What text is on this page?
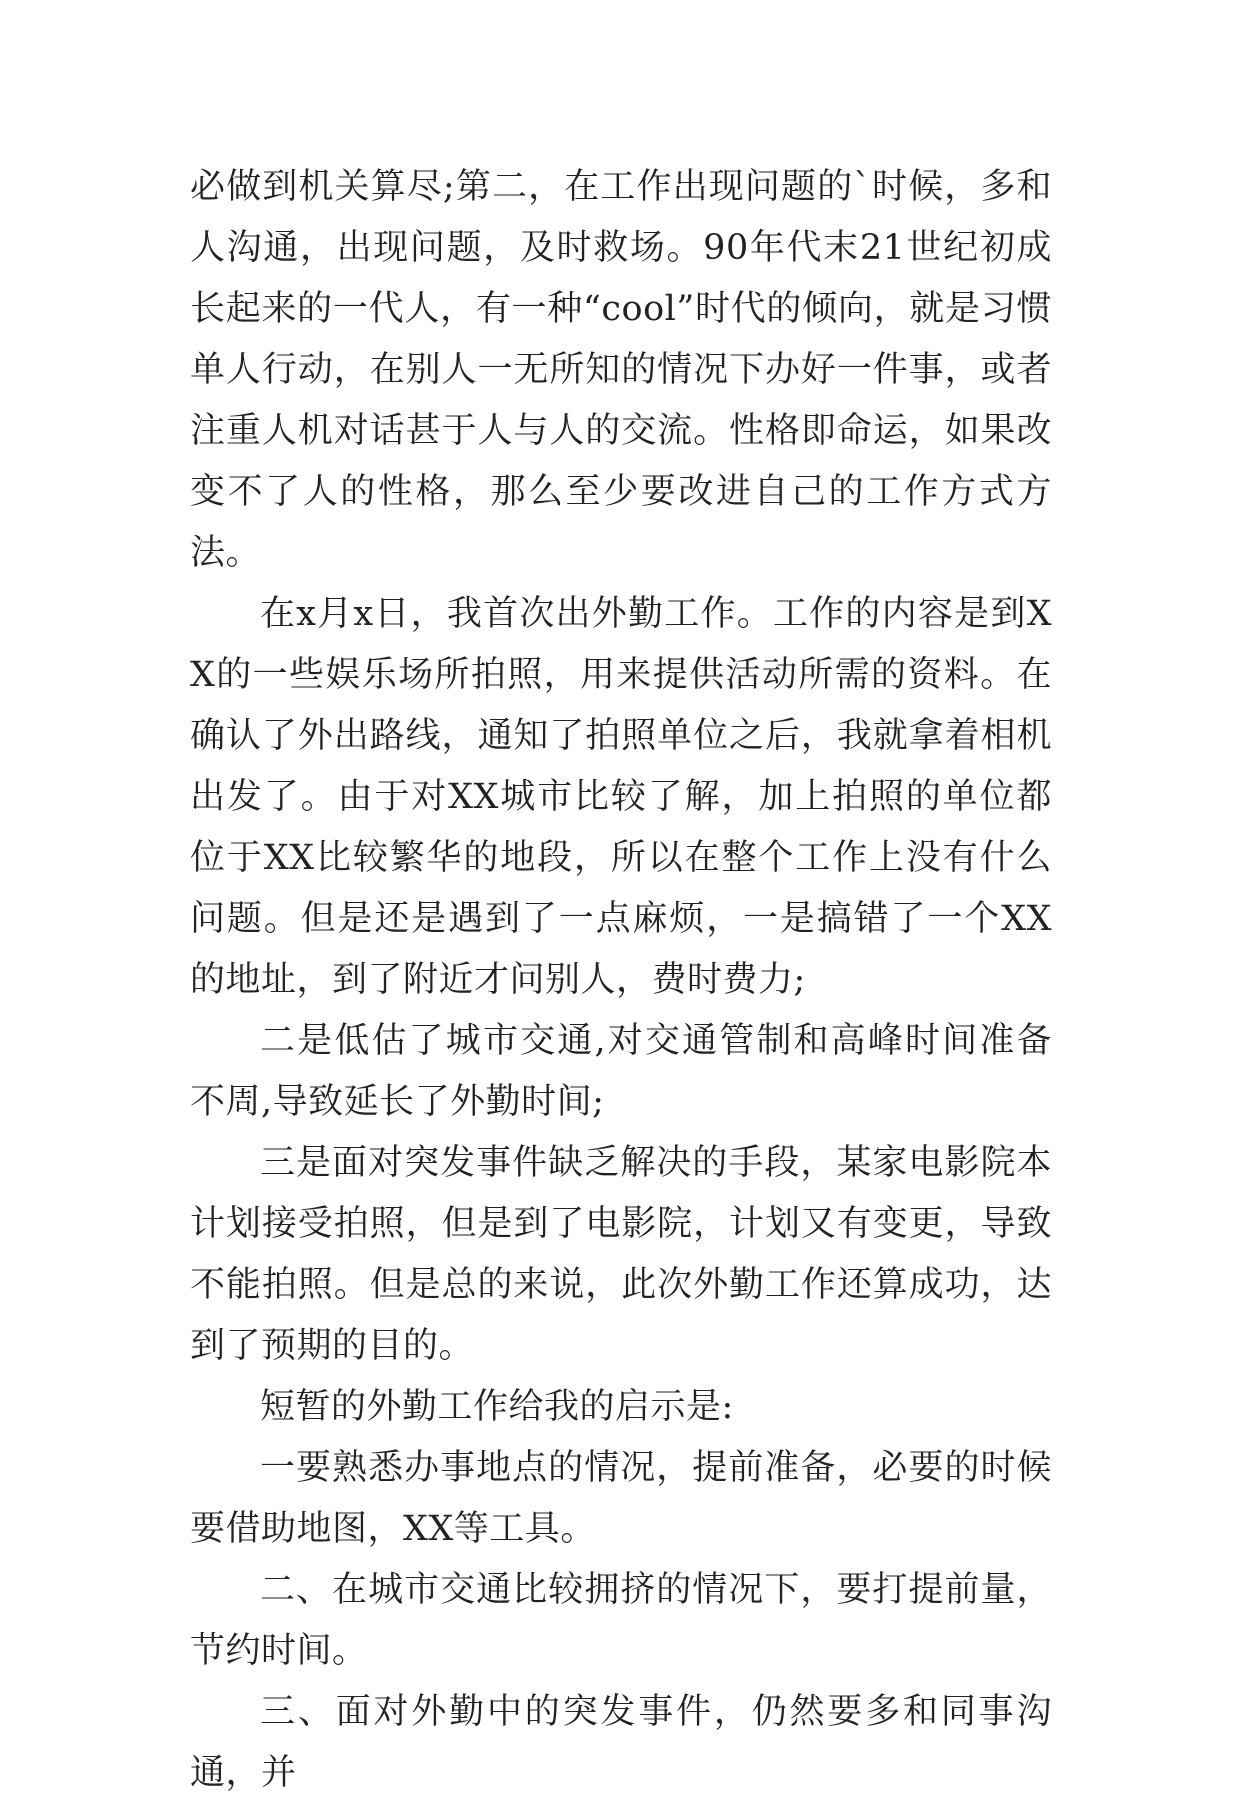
必做到机关算尽;第二，在工作出现问题的`时候，多和人沟通，出现问题，及时救场。90年代末21世纪初成长起来的一代人，有一种“cool”时代的倾向，就是习惯单人行动，在别人一无所知的情况下办好一件事，或者注重人机对话甚于人与人的交流。性格即命运，如果改变不了人的性格，那么至少要改进自己的工作方式方法。

在x月x日，我首次出外勤工作。工作的内容是到XX的一些娱乐场所拍照，用来提供活动所需的资料。在确认了外出路线，通知了拍照单位之后，我就拿着相机出发了。由于对XX城市比较了解，加上拍照的单位都位于XX比较繁华的地段，所以在整个工作上没有什么问题。但是还是遇到了一点麻烦，一是搞错了一个XX的地址，到了附近才问别人，费时费力;

二是低估了城市交通,对交通管制和高峰时间准备不周,导致延长了外勤时间;

三是面对突发事件缺乏解决的手段，某家电影院本计划接受拍照，但是到了电影院，计划又有变更，导致不能拍照。但是总的来说，此次外勤工作还算成功，达到了预期的目的。

短暂的外勤工作给我的启示是:

一要熟悉办事地点的情况，提前准备，必要的时候要借助地图，XX等工具。

二、在城市交通比较拥挤的情况下，要打提前量，节约时间。

三、面对外勤中的突发事件，仍然要多和同事沟通，并
